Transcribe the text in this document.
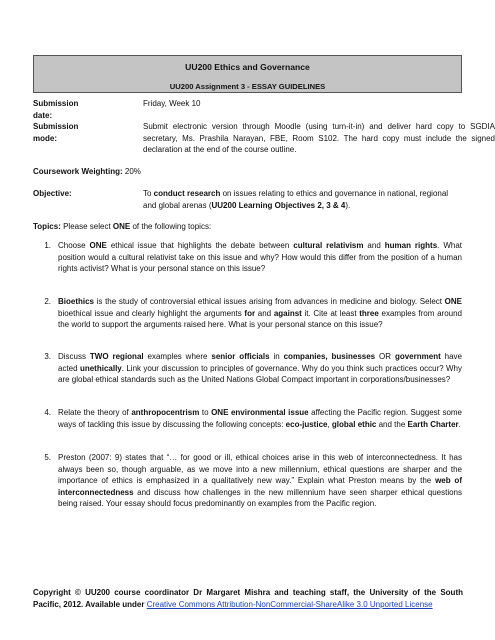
UU200 Ethics and Governance
UU200 Assignment 3 - ESSAY GUIDELINES
Submission date:
Friday, Week 10
Submission mode:
Submit electronic version through Moodle (using turn-it-in) and deliver hard copy to SGDIA secretary, Ms. Prashila Narayan, FBE, Room S102. The hard copy must include the signed declaration at the end of the course outline.
Coursework Weighting: 20%
Objective:	To conduct research on issues relating to ethics and governance in national, regional and global arenas (UU200 Learning Objectives 2, 3 & 4).
Topics: Please select ONE of the following topics:
1. Choose ONE ethical issue that highlights the debate between cultural relativism and human rights. What position would a cultural relativist take on this issue and why? How would this differ from the position of a human rights activist? What is your personal stance on this issue?
2. Bioethics is the study of controversial ethical issues arising from advances in medicine and biology. Select ONE bioethical issue and clearly highlight the arguments for and against it. Cite at least three examples from around the world to support the arguments raised here. What is your personal stance on this issue?
3. Discuss TWO regional examples where senior officials in companies, businesses OR government have acted unethically. Link your discussion to principles of governance. Why do you think such practices occur? Why are global ethical standards such as the United Nations Global Compact important in corporations/businesses?
4. Relate the theory of anthropocentrism to ONE environmental issue affecting the Pacific region. Suggest some ways of tackling this issue by discussing the following concepts: eco-justice, global ethic and the Earth Charter.
5. Preston (2007: 9) states that “… for good or ill, ethical choices arise in this web of interconnectedness. It has always been so, though arguable, as we move into a new millennium, ethical questions are sharper and the importance of ethics is emphasized in a qualitatively new way.” Explain what Preston means by the web of interconnectedness and discuss how challenges in the new millennium have seen sharper ethical questions being raised. Your essay should focus predominantly on examples from the Pacific region.
Copyright © UU200 course coordinator Dr Margaret Mishra and teaching staff, the University of the South Pacific, 2012. Available under Creative Commons Attribution-NonCommercial-ShareAlike 3.0 Unported License
